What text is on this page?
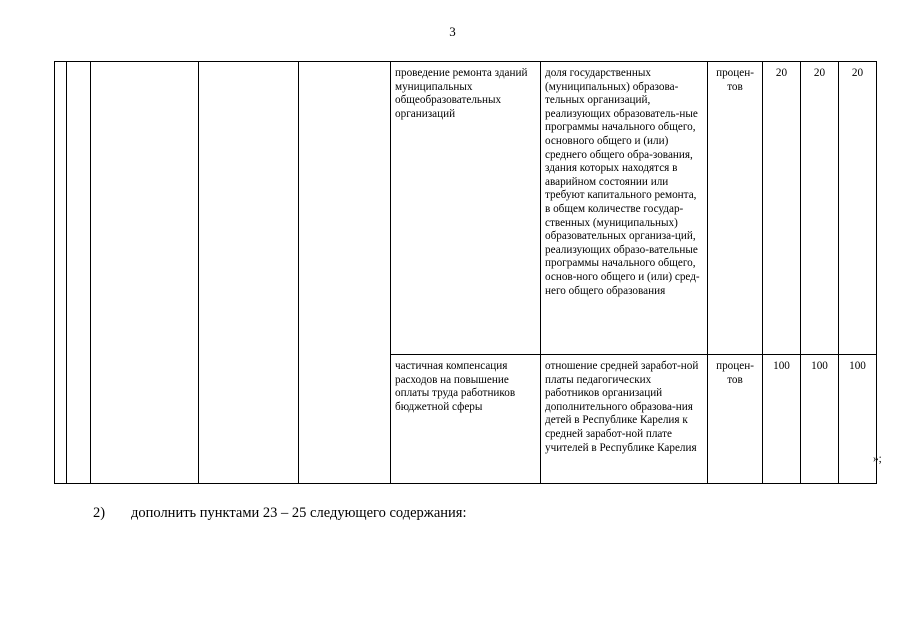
3
					проведение ремонта зданий муниципальных общеобразовательных организаций	доля государственных (муниципальных) образова-тельных организаций, реализующих образователь-ные программы начального общего, основного общего и (или) среднего общего обра-зования, здания которых находятся в аварийном состоянии или требуют капитального ремонта, в общем количестве государ-ственных (муниципальных) образовательных организа-ций, реализующих образо-вательные программы начального общего, основ-ного общего и (или) сред-него общего образования	процен-тов	20	20	20
					частичная компенсация расходов на повышение оплаты труда работников бюджетной сферы	отношение средней заработ-ной платы педагогических работников организаций дополнительного образова-ния детей в Республике Карелия к средней заработ-ной плате учителей в Республике Карелия	процен-тов	100	100	100
»;
2) дополнить пунктами 23 – 25 следующего содержания:
